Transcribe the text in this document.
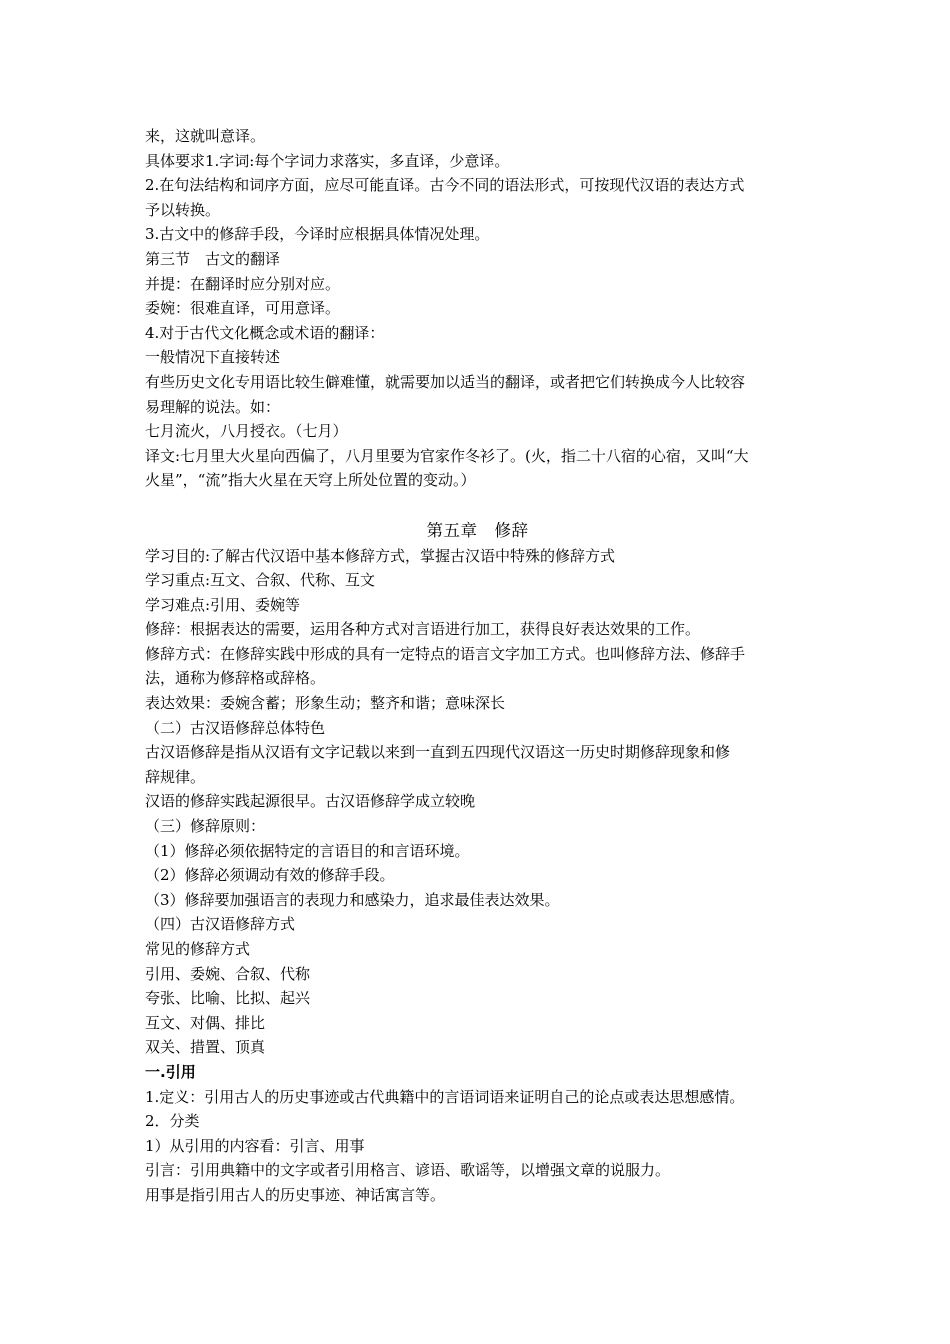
来，这就叫意译。

具体要求1.字词:每个字词力求落实，多直译，少意译。

2.在句法结构和词序方面，应尽可能直译。古今不同的语法形式，可按现代汉语的表达方式

予以转换。

3.古文中的修辞手段，今译时应根据具体情况处理。

第三节　古文的翻译

并提：在翻译时应分别对应。

委婉：很难直译，可用意译。

4.对于古代文化概念或术语的翻译：

一般情况下直接转述

有些历史文化专用语比较生僻难懂，就需要加以适当的翻译，或者把它们转换成今人比较容

易理解的说法。如：

七月流火，八月授衣。（七月）

译文:七月里大火星向西偏了，八月里要为官家作冬衫了。(火，指二十八宿的心宿，又叫“大

火星”，“流”指大火星在天穹上所处位置的变动。）

第五章　修辞

学习目的:了解古代汉语中基本修辞方式，掌握古汉语中特殊的修辞方式

学习重点:互文、合叙、代称、互文

学习难点:引用、委婉等

修辞：根据表达的需要，运用各种方式对言语进行加工，获得良好表达效果的工作。

修辞方式：在修辞实践中形成的具有一定特点的语言文字加工方式。也叫修辞方法、修辞手

法，通称为修辞格或辞格。

表达效果：委婉含蓄；形象生动；整齐和谐；意味深长

（二）古汉语修辞总体特色

古汉语修辞是指从汉语有文字记载以来到一直到五四现代汉语这一历史时期修辞现象和修

辞规律。

汉语的修辞实践起源很早。古汉语修辞学成立较晚

（三）修辞原则：

（1）修辞必须依据特定的言语目的和言语环境。

（2）修辞必须调动有效的修辞手段。

（3）修辞要加强语言的表现力和感染力，追求最佳表达效果。

（四）古汉语修辞方式

常见的修辞方式

引用、委婉、合叙、代称

夸张、比喻、比拟、起兴

互文、对偶、排比

双关、措置、顶真

一.引用

1.定义：引用古人的历史事迹或古代典籍中的言语词语来证明自己的论点或表达思想感情。

2．分类

1）从引用的内容看：引言、用事

引言：引用典籍中的文字或者引用格言、谚语、歌谣等，以增强文章的说服力。

用事是指引用古人的历史事迹、神话寓言等。
